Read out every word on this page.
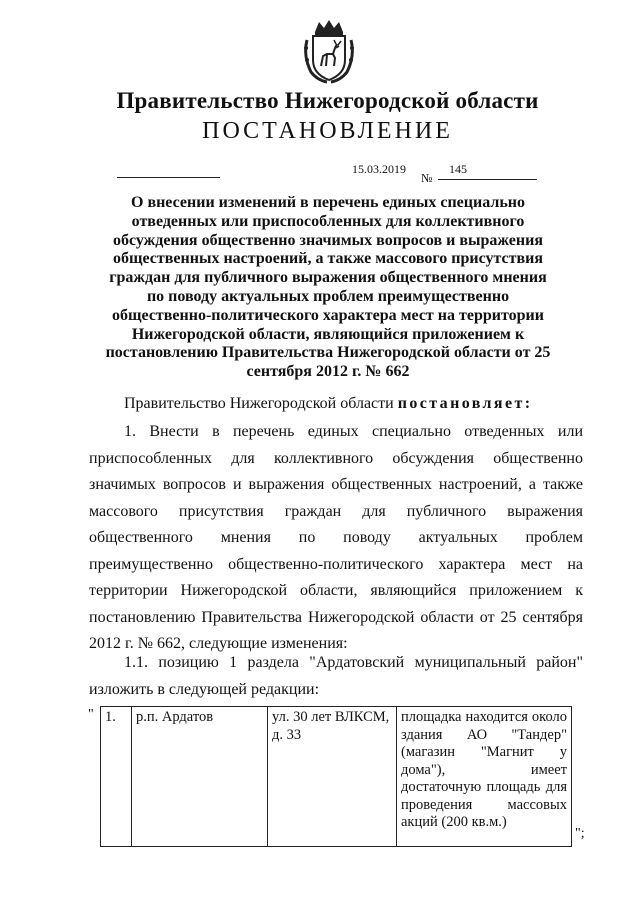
Правительство Нижегородской области
ПОСТАНОВЛЕНИЕ
15.03.2019
№
145
О внесении изменений в перечень единых специально отведенных или приспособленных для коллективного обсуждения общественно значимых вопросов и выражения общественных настроений, а также массового присутствия граждан для публичного выражения общественного мнения по поводу актуальных проблем преимущественно общественно-политического характера мест на территории Нижегородской области, являющийся приложением к постановлению Правительства Нижегородской области от 25 сентября 2012 г. № 662
Правительство Нижегородской области постановляет:
1. Внести в перечень единых специально отведенных или приспособленных для коллективного обсуждения общественно значимых вопросов и выражения общественных настроений, а также массового присутствия граждан для публичного выражения общественного мнения по поводу актуальных проблем преимущественно общественно-политического характера мест на территории Нижегородской области, являющийся приложением к постановлению Правительства Нижегородской области от 25 сентября 2012 г. № 662, следующие изменения:
1.1. позицию 1 раздела "Ардатовский муниципальный район" изложить в следующей редакции:
" 1.	р.п. Ардатов	ул. 30 лет ВЛКСМ, д. 33	площадка находится около здания АО "Тандер" (магазин "Магнит у дома"), имеет достаточную площадь для проведения массовых акций (200 кв.м.)
";
